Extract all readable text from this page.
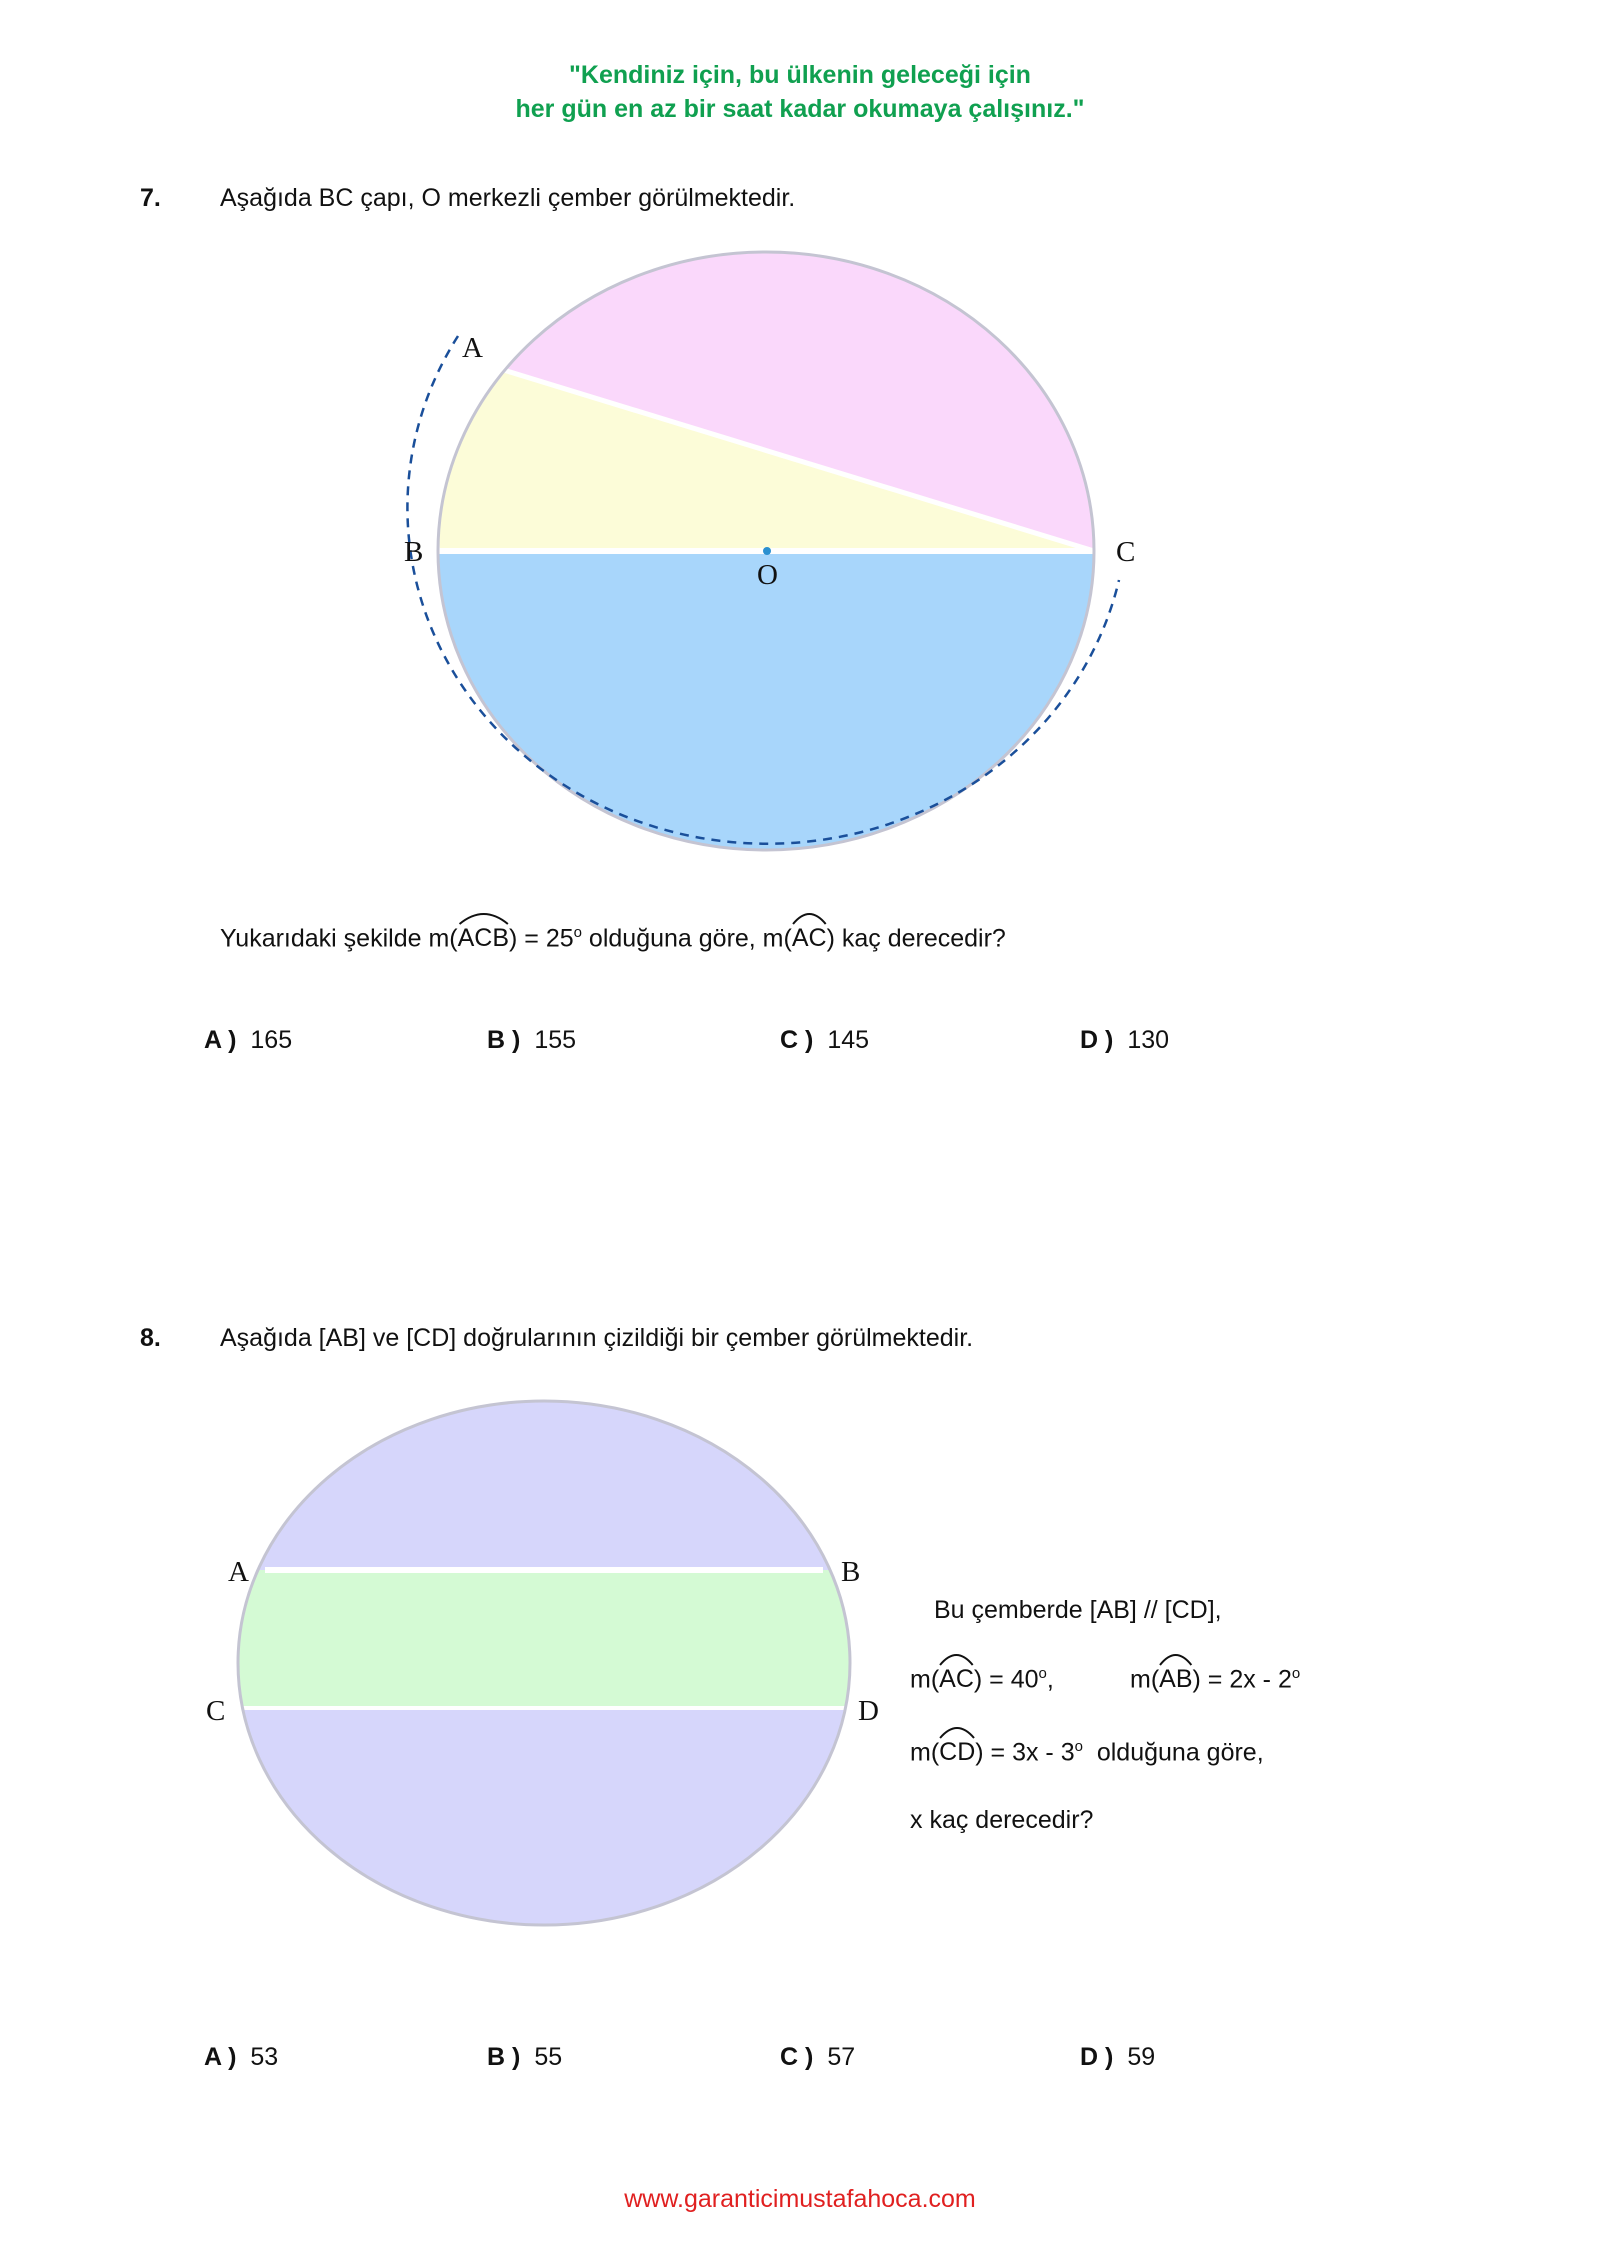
"Kendiniz için, bu ülkenin geleceği için
her gün en az bir saat kadar okumaya çalışınız."
7. Aşağıda BC çapı, O merkezli çember görülmektedir.
A
B	C
O
Yukarıdaki şekilde m(
$ACB) = 25^o$ olduğuna göre, m(
AC) kaç derecedir?
A ) 165	B ) 155	C ) 145	D ) 130
8. Aşağıda [AB] ve [CD] doğrularının çizildiği bir çember görülmektedir.
A	B
C	D
Bu çemberde [AB] // [CD],
m(
$AC) = 40^o$,	m(
AB) = 2x - 2$^o$
m(
CD) = 3x - 3$^o$  olduğuna göre,
x kaç derecedir?
A ) 53	B ) 55	C ) 57	D ) 59
www.garanticimustafahoca.com
